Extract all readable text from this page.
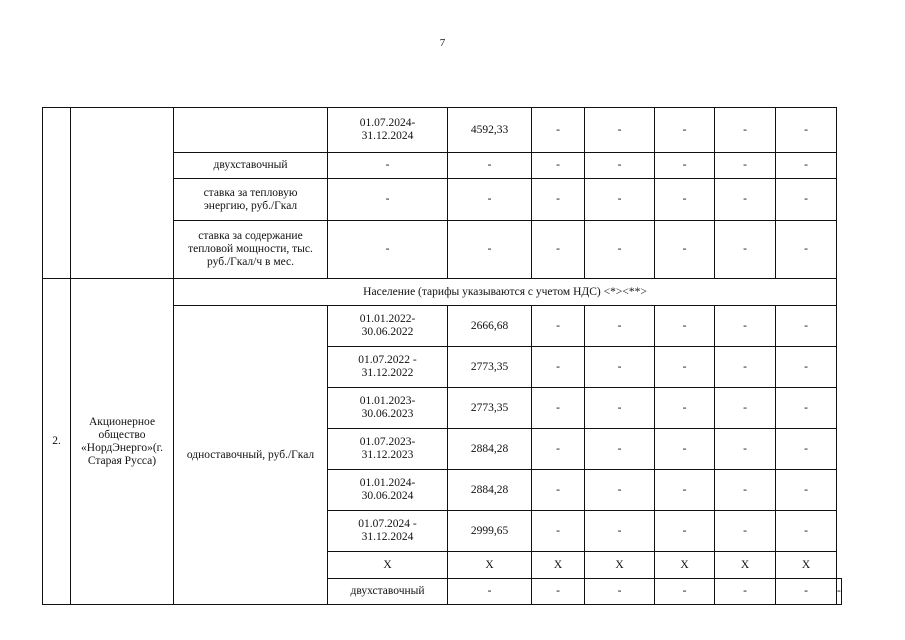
7
			01.07.2024-
31.12.2024	4592,33	-	-	-	-	-	
		двухставочный	-	-	-	-	-	-	-	
		ставка за тепловую энергию, руб./Гкал	-	-	-	-	-	-	-	
		ставка за содержание тепловой мощности, тыс. руб./Гкал/ч в мес.	-	-	-	-	-	-	-	
2.	Акционерное общество «НордЭнерго»(г. Старая Русса)	Население (тарифы указываются с учетом НДС) <*><**>								
		одноставочный, руб./Гкал	01.01.2022-
30.06.2022	2666,68	-	-	-	-	-	
			01.07.2022 -
31.12.2022	2773,35	-	-	-	-	-	
			01.01.2023-
30.06.2023	2773,35	-	-	-	-	-	
			01.07.2023-
31.12.2023	2884,28	-	-	-	-	-	
			01.01.2024-
30.06.2024	2884,28	-	-	-	-	-	
			01.07.2024 -
31.12.2024	2999,65	-	-	-	-	-	
			X	X	X	X	X	X	X	
			двухставочный	-	-	-	-	-	-	-
